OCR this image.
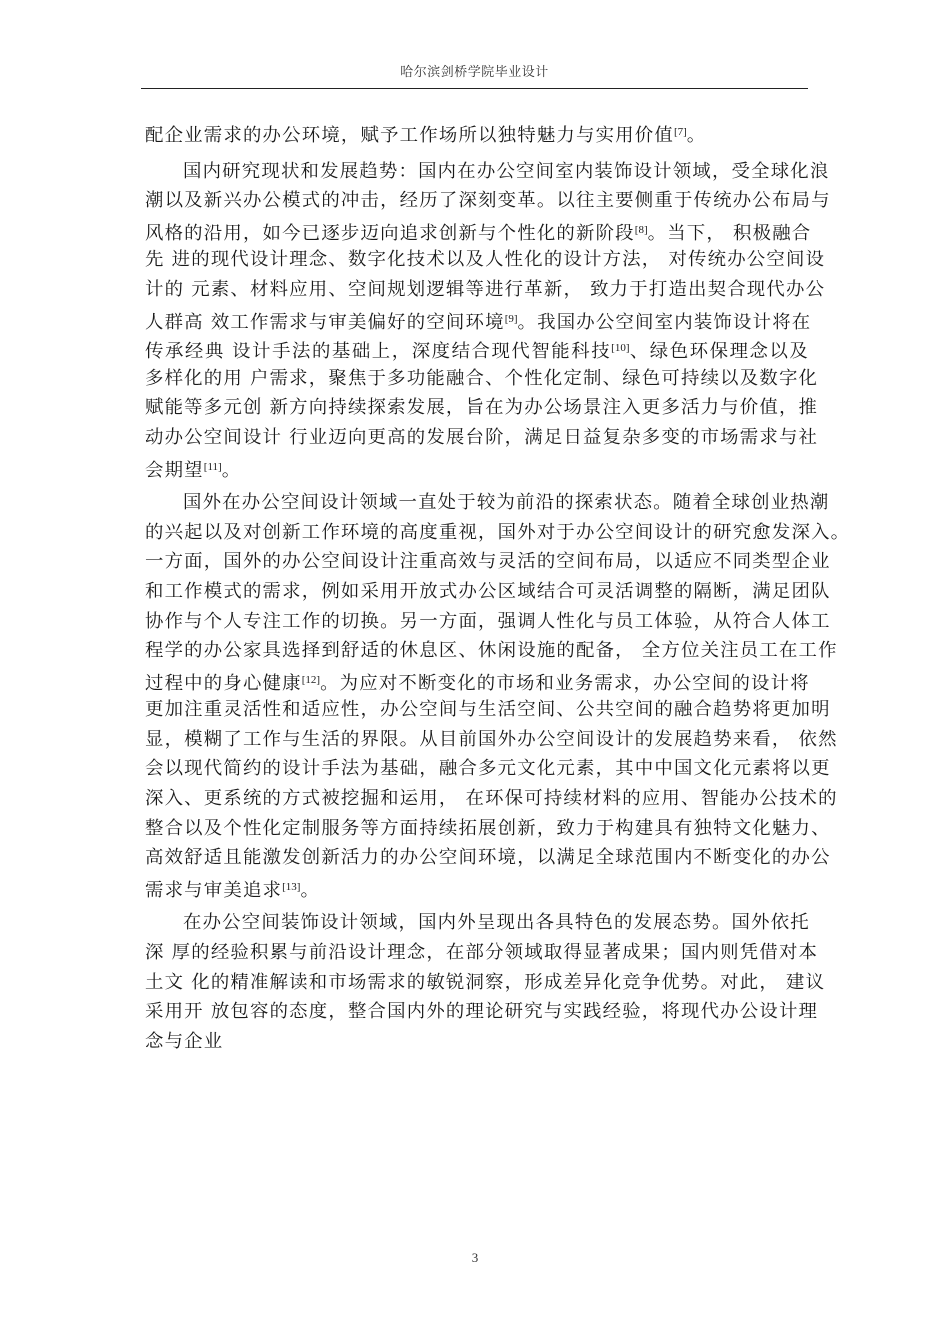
哈尔滨剑桥学院毕业设计
配企业需求的办公环境，赋予工作场所以独特魅力与实用价值[7]。
国内研究现状和发展趋势：国内在办公空间室内装饰设计领域，受全球化浪
潮以及新兴办公模式的冲击，经历了深刻变革。以往主要侧重于传统办公布局与
风格的沿用，如今已逐步迈向追求创新与个性化的新阶段[8]。当下， 积极融合
先 进的现代设计理念、数字化技术以及人性化的设计方法， 对传统办公空间设
计的 元素、材料应用、空间规划逻辑等进行革新， 致力于打造出契合现代办公
人群高 效工作需求与审美偏好的空间环境[9]。我国办公空间室内装饰设计将在
传承经典 设计手法的基础上，深度结合现代智能科技[10]、绿色环保理念以及
多样化的用 户需求，聚焦于多功能融合、个性化定制、绿色可持续以及数字化
赋能等多元创 新方向持续探索发展，旨在为办公场景注入更多活力与价值，推
动办公空间设计 行业迈向更高的发展台阶，满足日益复杂多变的市场需求与社
会期望[11]。
国外在办公空间设计领域一直处于较为前沿的探索状态。随着全球创业热潮
的兴起以及对创新工作环境的高度重视，国外对于办公空间设计的研究愈发深入。
一方面，国外的办公空间设计注重高效与灵活的空间布局，以适应不同类型企业
和工作模式的需求，例如采用开放式办公区域结合可灵活调整的隔断，满足团队
协作与个人专注工作的切换。另一方面，强调人性化与员工体验，从符合人体工
程学的办公家具选择到舒适的休息区、休闲设施的配备， 全方位关注员工在工作
过程中的身心健康[12]。为应对不断变化的市场和业务需求，办公空间的设计将
更加注重灵活性和适应性，办公空间与生活空间、公共空间的融合趋势将更加明
显，模糊了工作与生活的界限。从目前国外办公空间设计的发展趋势来看， 依然
会以现代简约的设计手法为基础，融合多元文化元素，其中中国文化元素将以更
深入、更系统的方式被挖掘和运用， 在环保可持续材料的应用、智能办公技术的
整合以及个性化定制服务等方面持续拓展创新，致力于构建具有独特文化魅力、
高效舒适且能激发创新活力的办公空间环境，以满足全球范围内不断变化的办公
需求与审美追求[13]。
在办公空间装饰设计领域，国内外呈现出各具特色的发展态势。国外依托
深 厚的经验积累与前沿设计理念，在部分领域取得显著成果；国内则凭借对本
土文 化的精准解读和市场需求的敏锐洞察，形成差异化竞争优势。对此， 建议
采用开 放包容的态度，整合国内外的理论研究与实践经验，将现代办公设计理
念与企业
3
